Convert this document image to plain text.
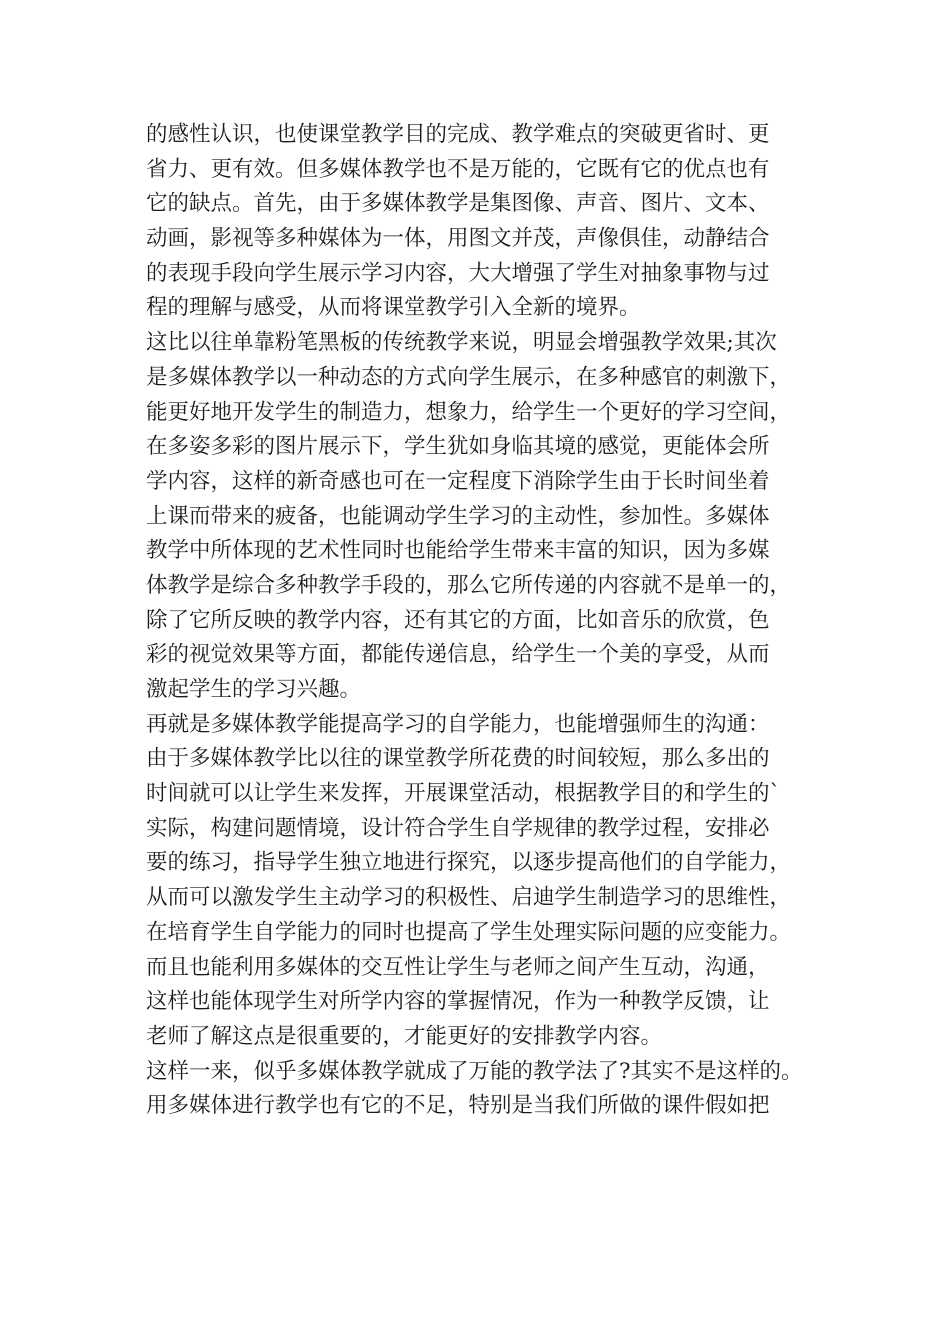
的感性认识，也使课堂教学目的完成、教学难点的突破更省时、更
省力、更有效。但多媒体教学也不是万能的，它既有它的优点也有
它的缺点。首先，由于多媒体教学是集图像、声音、图片、文本、
动画，影视等多种媒体为一体，用图文并茂，声像俱佳，动静结合
的表现手段向学生展示学习内容，大大增强了学生对抽象事物与过
程的理解与感受，从而将课堂教学引入全新的境界。
这比以往单靠粉笔黑板的传统教学来说，明显会增强教学效果;其次
是多媒体教学以一种动态的方式向学生展示，在多种感官的刺激下，
能更好地开发学生的制造力，想象力，给学生一个更好的学习空间，
在多姿多彩的图片展示下，学生犹如身临其境的感觉，更能体会所
学内容，这样的新奇感也可在一定程度下消除学生由于长时间坐着
上课而带来的疲备，也能调动学生学习的主动性，参加性。多媒体
教学中所体现的艺术性同时也能给学生带来丰富的知识，因为多媒
体教学是综合多种教学手段的，那么它所传递的内容就不是单一的，
除了它所反映的教学内容，还有其它的方面，比如音乐的欣赏，色
彩的视觉效果等方面，都能传递信息，给学生一个美的享受，从而
激起学生的学习兴趣。
再就是多媒体教学能提高学习的自学能力，也能增强师生的沟通：
由于多媒体教学比以往的课堂教学所花费的时间较短，那么多出的
时间就可以让学生来发挥，开展课堂活动，根据教学目的和学生的`
实际，构建问题情境，设计符合学生自学规律的教学过程，安排必
要的练习，指导学生独立地进行探究，以逐步提高他们的自学能力，
从而可以激发学生主动学习的积极性、启迪学生制造学习的思维性，
在培育学生自学能力的同时也提高了学生处理实际问题的应变能力。
而且也能利用多媒体的交互性让学生与老师之间产生互动，沟通，
这样也能体现学生对所学内容的掌握情况，作为一种教学反馈，让
老师了解这点是很重要的，才能更好的安排教学内容。
这样一来，似乎多媒体教学就成了万能的教学法了?其实不是这样的。
用多媒体进行教学也有它的不足，特别是当我们所做的课件假如把
